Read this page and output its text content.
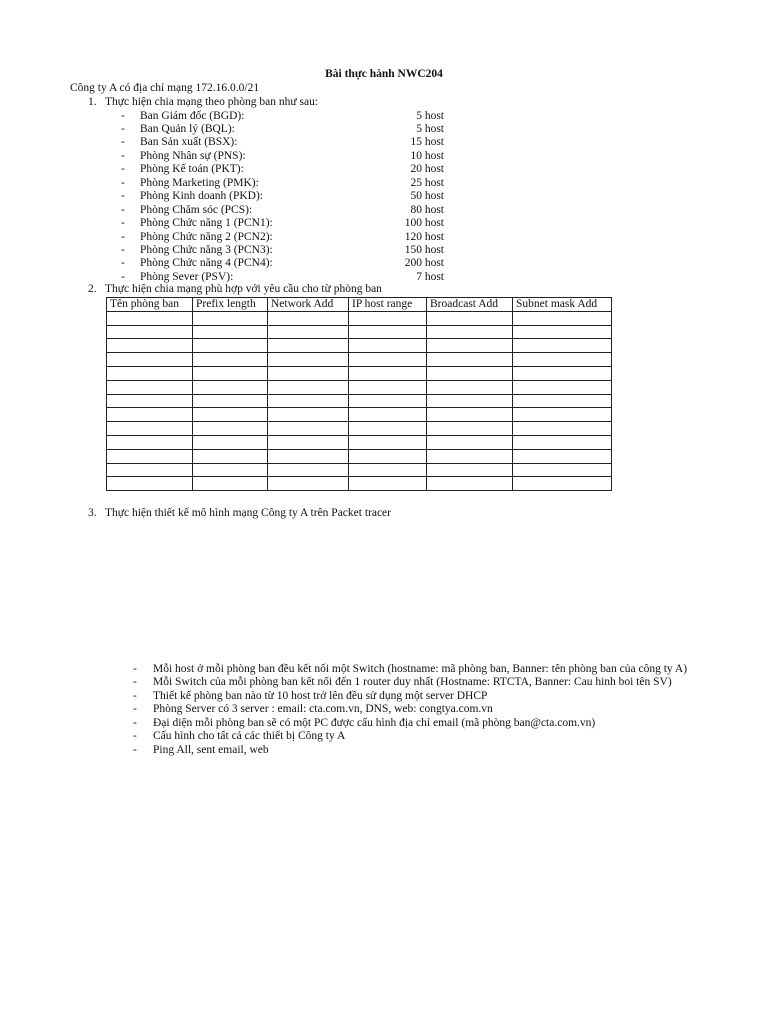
Bài thực hành NWC204
Công ty A có địa chỉ mạng 172.16.0.0/21
1. Thực hiện chia mạng theo phòng ban như sau:
- Ban Giám đốc (BGD):	5 host
- Ban Quản lý (BQL):	5 host
- Ban Sản xuất (BSX):	15 host
- Phòng Nhân sự (PNS):	10 host
- Phòng Kế toán (PKT):	20 host
- Phòng Marketing (PMK):	25 host
- Phòng Kinh doanh (PKD):	50 host
- Phòng Chăm sóc (PCS):	80 host
- Phòng Chức năng 1 (PCN1):	100 host
- Phòng Chức năng 2 (PCN2):	120 host
- Phòng Chức năng 3 (PCN3):	150 host
- Phòng Chức năng 4 (PCN4):	200 host
- Phòng Sever (PSV):	7 host
2. Thực hiện chia mạng phù hợp với yêu cầu cho từ phòng ban
Tên phòng ban	Prefix length	Network Add	IP host range	Broadcast Add	Subnet mask Add

3. Thực hiện thiết kế mô hình mạng Công ty A trên Packet tracer
- Mỗi host ở mỗi phòng ban đều kết nối một Switch (hostname: mã phòng ban, Banner: tên phòng ban của công ty A)
- Mỗi Switch của mỗi phòng ban kết nối đến 1 router duy nhất (Hostname: RTCTA, Banner: Cau hinh boi tên SV)
- Thiết kế phòng ban nào từ 10 host trở lên đều sử dụng một server DHCP
- Phòng Server có 3 server : email: cta.com.vn, DNS, web: congtya.com.vn
- Đại diện mỗi phòng ban sẽ có một PC được cấu hình địa chỉ email (mã phòng ban@cta.com.vn)
- Cấu hình cho tất cả các thiết bị Công ty A
- Ping All, sent email, web
